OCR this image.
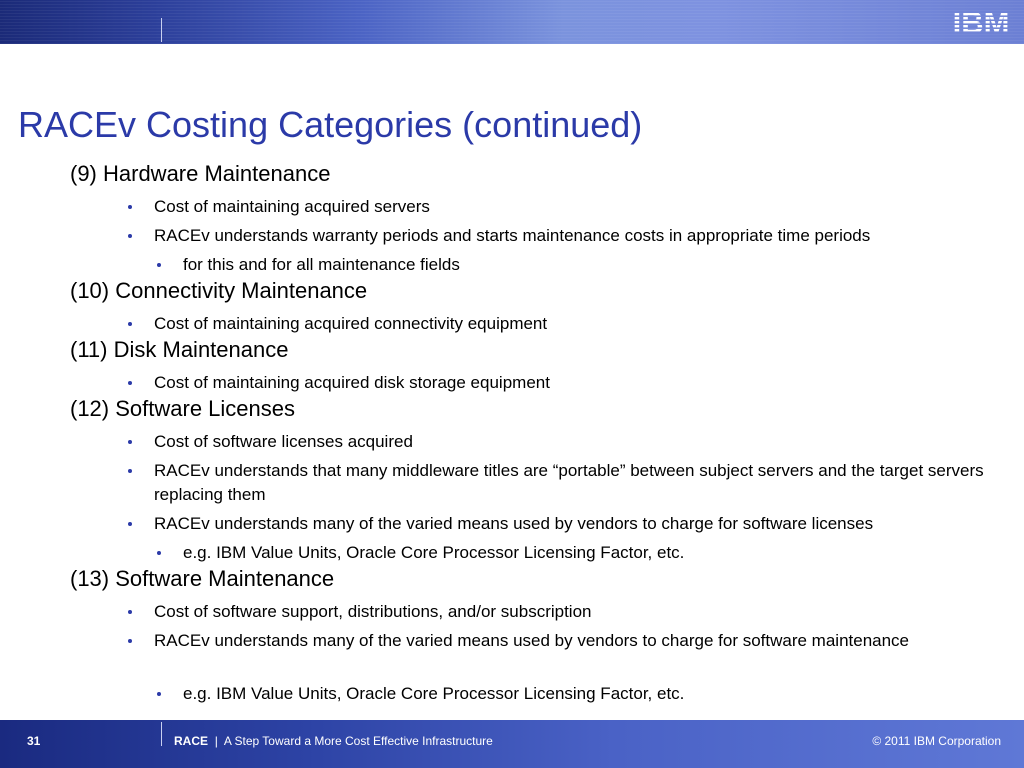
RACEv Costing Categories (continued)
(9) Hardware Maintenance
Cost of maintaining acquired servers
RACEv understands warranty periods and starts maintenance costs in appropriate time periods
for this and for all maintenance fields
(10) Connectivity Maintenance
Cost of maintaining acquired connectivity equipment
(11) Disk Maintenance
Cost of maintaining acquired disk storage equipment
(12) Software Licenses
Cost of software licenses acquired
RACEv understands that many middleware titles are “portable” between subject servers and the target servers replacing them
RACEv understands many of the varied means used by vendors to charge for software licenses
e.g. IBM Value Units, Oracle Core Processor Licensing Factor, etc.
(13) Software Maintenance
Cost of software support, distributions, and/or subscription
RACEv understands many of the varied means used by vendors to charge for software maintenance
e.g. IBM Value Units, Oracle Core Processor Licensing Factor, etc.
31	RACE | A Step Toward a More Cost Effective Infrastructure	© 2011 IBM Corporation
